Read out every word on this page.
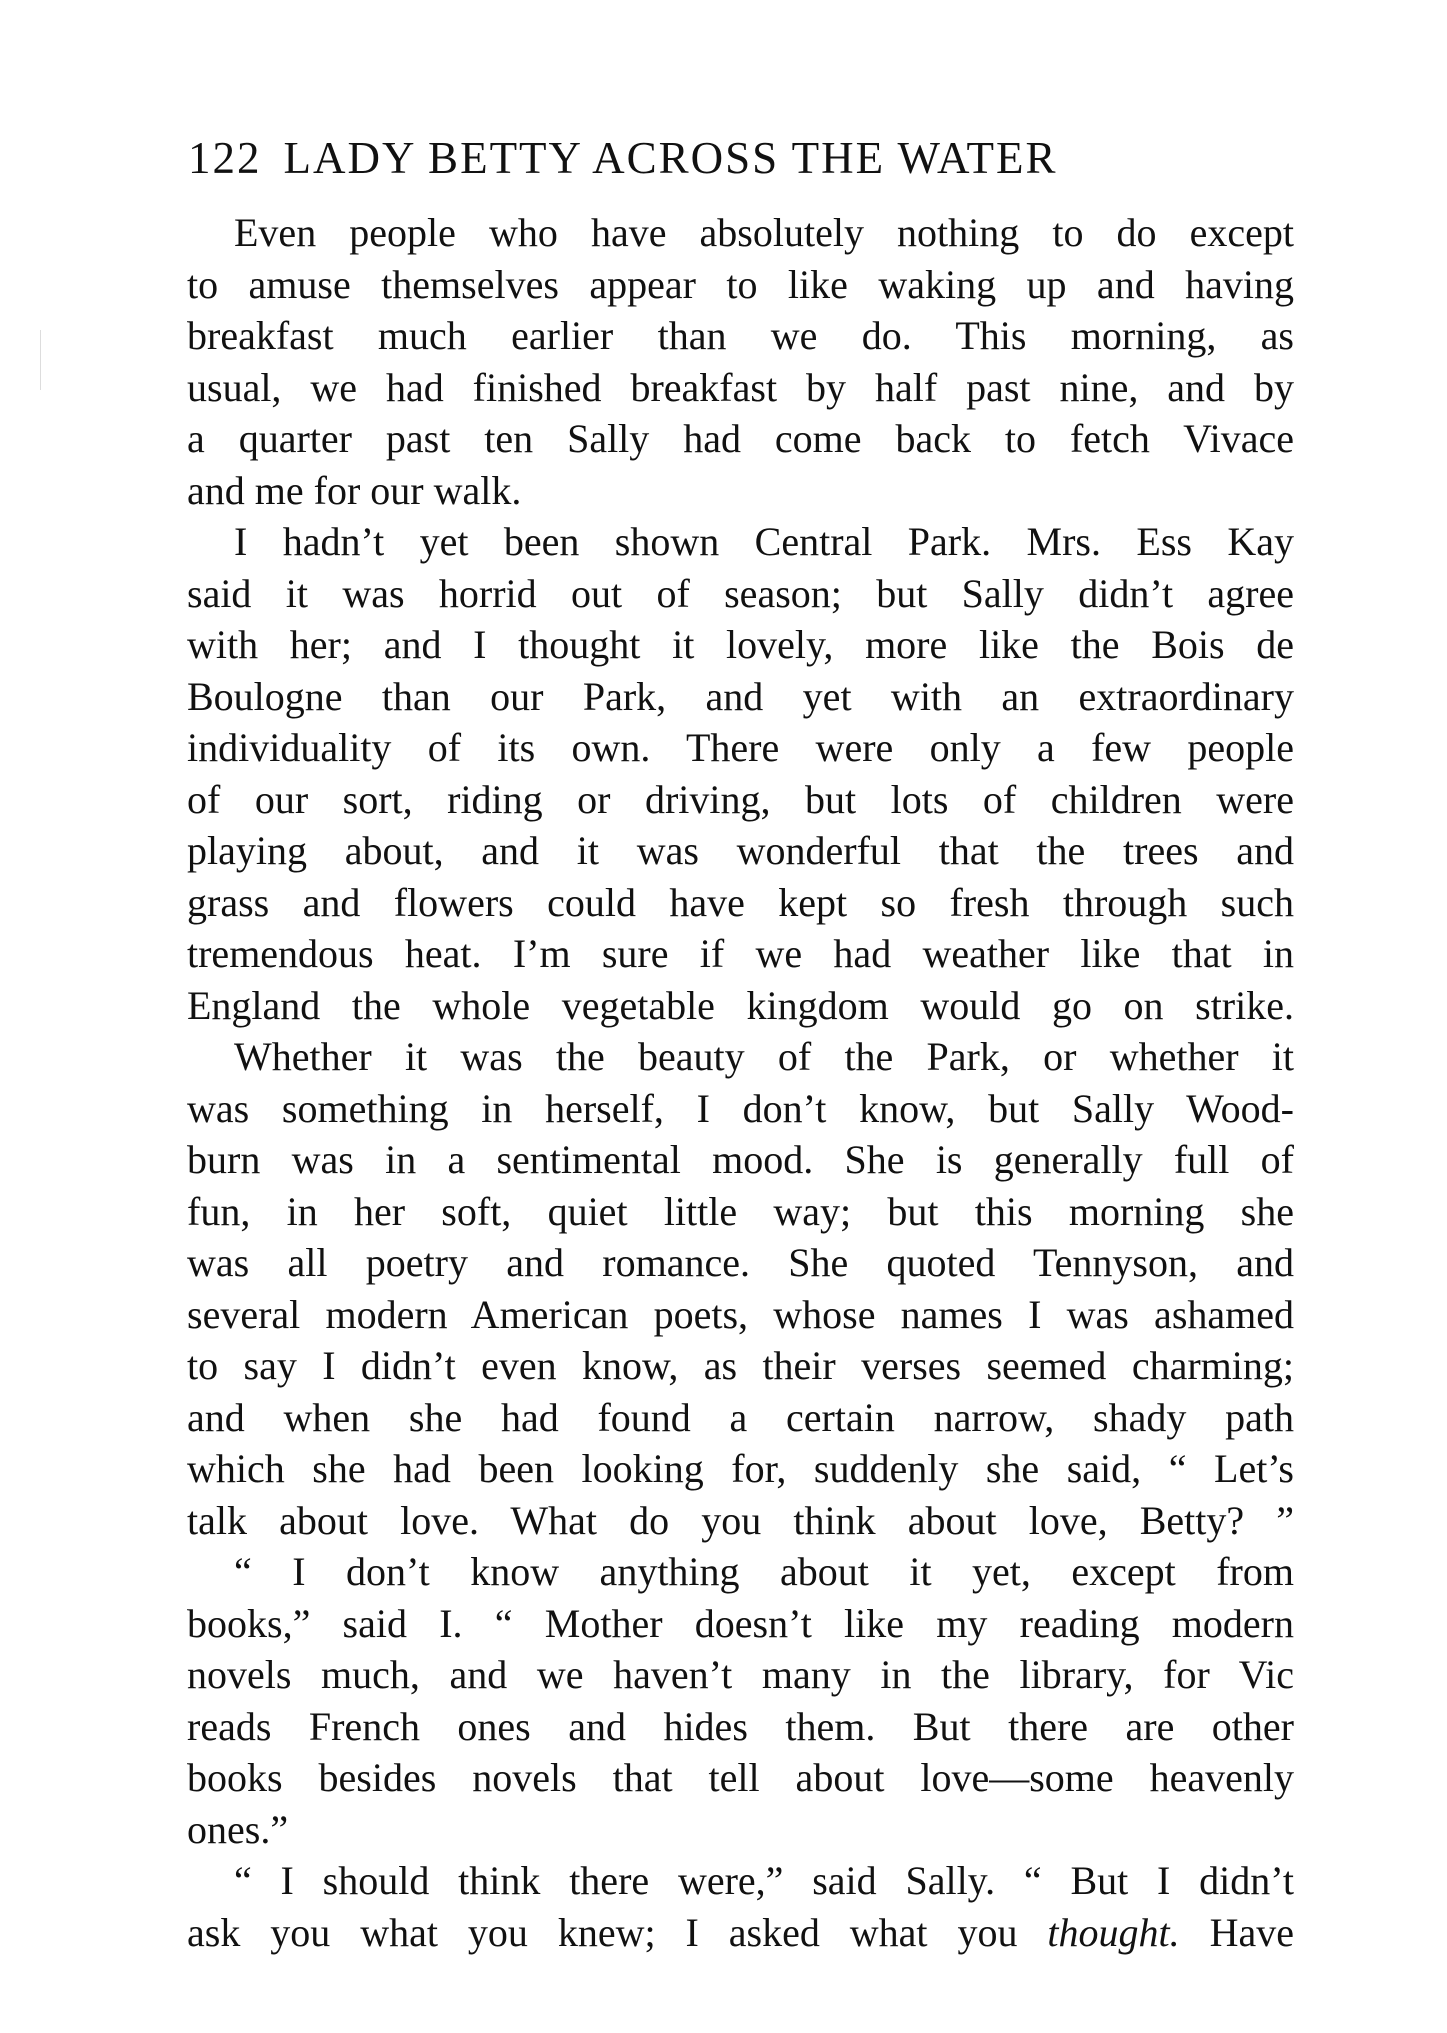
122 LADY BETTY ACROSS THE WATER
Even people who have absolutely nothing to do except
to amuse themselves appear to like waking up and having
breakfast much earlier than we do. This morning, as
usual, we had finished breakfast by half past nine, and by
a quarter past ten Sally had come back to fetch Vivace
and me for our walk.
I hadn’t yet been shown Central Park. Mrs. Ess Kay
said it was horrid out of season; but Sally didn’t agree
with her; and I thought it lovely, more like the Bois de
Boulogne than our Park, and yet with an extraordinary
individuality of its own. There were only a few people
of our sort, riding or driving, but lots of children were
playing about, and it was wonderful that the trees and
grass and flowers could have kept so fresh through such
tremendous heat. I’m sure if we had weather like that in
England the whole vegetable kingdom would go on strike.
Whether it was the beauty of the Park, or whether it
was something in herself, I don’t know, but Sally Wood-
burn was in a sentimental mood. She is generally full of
fun, in her soft, quiet little way; but this morning she
was all poetry and romance. She quoted Tennyson, and
several modern American poets, whose names I was ashamed
to say I didn’t even know, as their verses seemed charming;
and when she had found a certain narrow, shady path
which she had been looking for, suddenly she said, “ Let’s
talk about love. What do you think about love, Betty? ”
“ I don’t know anything about it yet, except from
books,” said I. “ Mother doesn’t like my reading modern
novels much, and we haven’t many in the library, for Vic
reads French ones and hides them. But there are other
books besides novels that tell about love—some heavenly
ones.”
“ I should think there were,” said Sally. “ But I didn’t
ask you what you knew; I asked what you thought. Have
